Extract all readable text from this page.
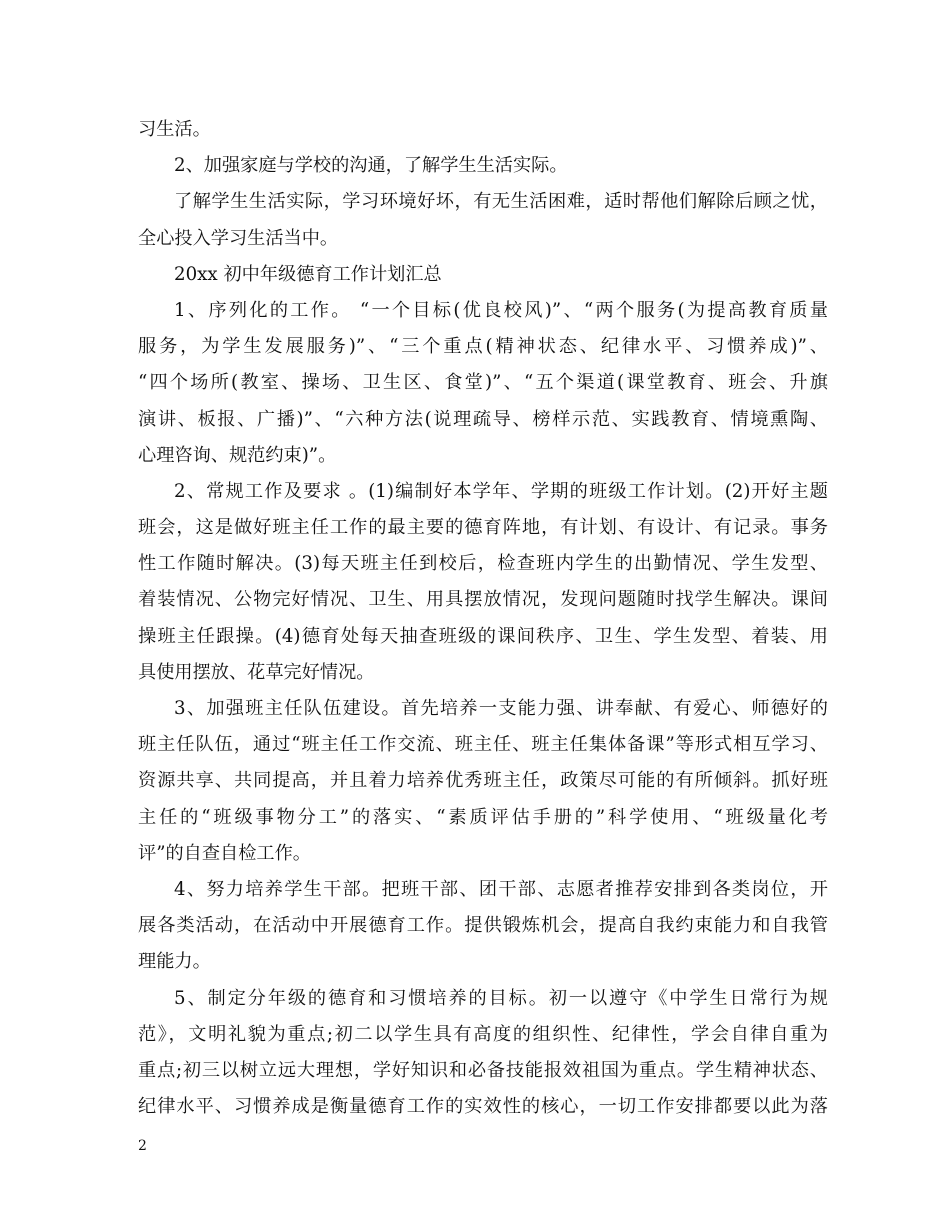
习生活。
2、加强家庭与学校的沟通，了解学生生活实际。
了解学生生活实际，学习环境好坏，有无生活困难，适时帮他们解除后顾之忧，
全心投入学习生活当中。
20xx 初中年级德育工作计划汇总
1、序列化的工作。 “一个目标(优良校风)”、“两个服务(为提高教育质量
服务，为学生发展服务)”、“三个重点(精神状态、纪律水平、习惯养成)”、
“四个场所(教室、操场、卫生区、食堂)”、“五个渠道(课堂教育、班会、升旗
演讲、板报、广播)”、“六种方法(说理疏导、榜样示范、实践教育、情境熏陶、
心理咨询、规范约束)”。
2、常规工作及要求 。(1)编制好本学年、学期的班级工作计划。(2)开好主题
班会，这是做好班主任工作的最主要的德育阵地，有计划、有设计、有记录。事务
性工作随时解决。(3)每天班主任到校后，检查班内学生的出勤情况、学生发型、
着装情况、公物完好情况、卫生、用具摆放情况，发现问题随时找学生解决。课间
操班主任跟操。(4)德育处每天抽查班级的课间秩序、卫生、学生发型、着装、用
具使用摆放、花草完好情况。
3、加强班主任队伍建设。首先培养一支能力强、讲奉献、有爱心、师德好的
班主任队伍，通过“班主任工作交流、班主任、班主任集体备课”等形式相互学习、
资源共享、共同提高，并且着力培养优秀班主任，政策尽可能的有所倾斜。抓好班
主任的“班级事物分工”的落实、“素质评估手册的”科学使用、“班级量化考
评”的自查自检工作。
4、努力培养学生干部。把班干部、团干部、志愿者推荐安排到各类岗位，开
展各类活动，在活动中开展德育工作。提供锻炼机会，提高自我约束能力和自我管
理能力。
5、制定分年级的德育和习惯培养的目标。初一以遵守《中学生日常行为规
范》，文明礼貌为重点;初二以学生具有高度的组织性、纪律性，学会自律自重为
重点;初三以树立远大理想，学好知识和必备技能报效祖国为重点。学生精神状态、
纪律水平、习惯养成是衡量德育工作的实效性的核心，一切工作安排都要以此为落
2
